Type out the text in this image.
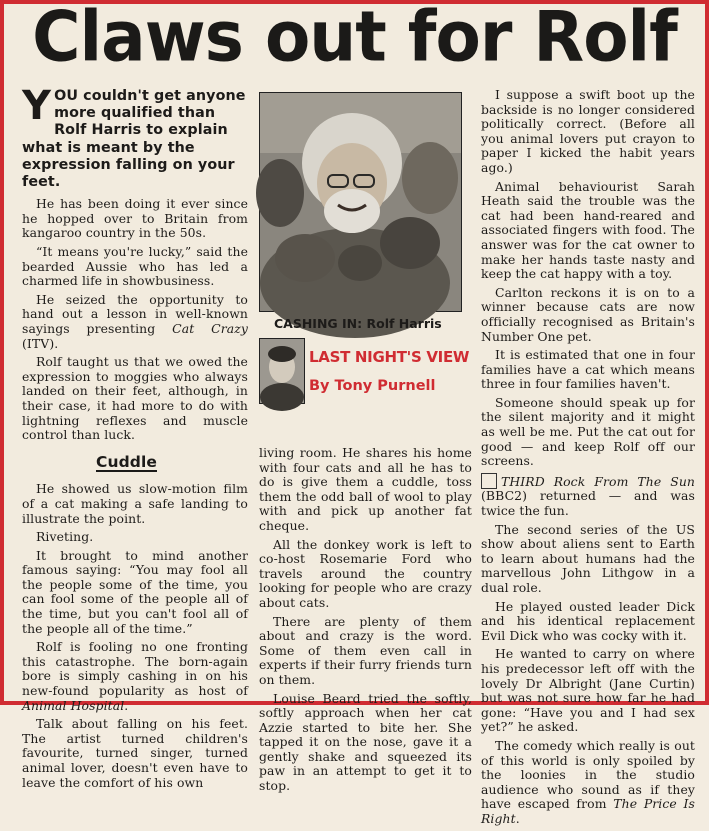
Claws out for Rolf
YOU couldn't get anyone more qualified than Rolf Harris to explain what is meant by the expression falling on your feet.

He has been doing it ever since he hopped over to Britain from kangaroo country in the 50s.

“It means you're lucky,” said the bearded Aussie who has led a charmed life in showbusiness.

He seized the opportunity to hand out a lesson in well-known sayings presenting Cat Crazy (ITV).

Rolf taught us that we owed the expression to moggies who always landed on their feet, although, in their case, it had more to do with lightning reflexes and muscle control than luck.

Cuddle

He showed us slow-motion film of a cat making a safe landing to illustrate the point.

Riveting.

It brought to mind another famous saying: “You may fool all the people some of the time, you can fool some of the people all of the time, but you can't fool all of the people all of the time.”

Rolf is fooling no one fronting this catastrophe. The born-again bore is simply cashing in on his new-found popularity as host of Animal Hospital.

Talk about falling on his feet. The artist turned children's favourite, turned singer, turned animal lover, doesn't even have to leave the comfort of his own

CASHING IN: Rolf Harris
LAST NIGHT'S VIEW
By Tony Purnell

living room. He shares his home with four cats and all he has to do is give them a cuddle, toss them the odd ball of wool to play with and pick up another fat cheque.

All the donkey work is left to co-host Rosemarie Ford who travels around the country looking for people who are crazy about cats.

There are plenty of them about and crazy is the word. Some of them even call in experts if their furry friends turn on them.

Louise Beard tried the softly, softly approach when her cat Azzie started to bite her. She tapped it on the nose, gave it a gently shake and squeezed its paw in an attempt to get it to stop.

I suppose a swift boot up the backside is no longer considered politically correct. (Before all you animal lovers put crayon to paper I kicked the habit years ago.)

Animal behaviourist Sarah Heath said the trouble was the cat had been hand-reared and associated fingers with food. The answer was for the cat owner to make her hands taste nasty and keep the cat happy with a toy.

Carlton reckons it is on to a winner because cats are now officially recognised as Britain's Number One pet.

It is estimated that one in four families have a cat which means three in four families haven't.

Someone should speak up for the silent majority and it might as well be me. Put the cat out for good — and keep Rolf off our screens.

THIRD Rock From The Sun (BBC2) returned — and was twice the fun.

The second series of the US show about aliens sent to Earth to learn about humans had the marvellous John Lithgow in a dual role.

He played ousted leader Dick and his identical replacement Evil Dick who was cocky with it.

He wanted to carry on where his predecessor left off with the lovely Dr Albright (Jane Curtin) but was not sure how far he had gone: “Have you and I had sex yet?” he asked.

The comedy which really is out of this world is only spoiled by the loonies in the studio audience who sound as if they have escaped from The Price Is Right.
